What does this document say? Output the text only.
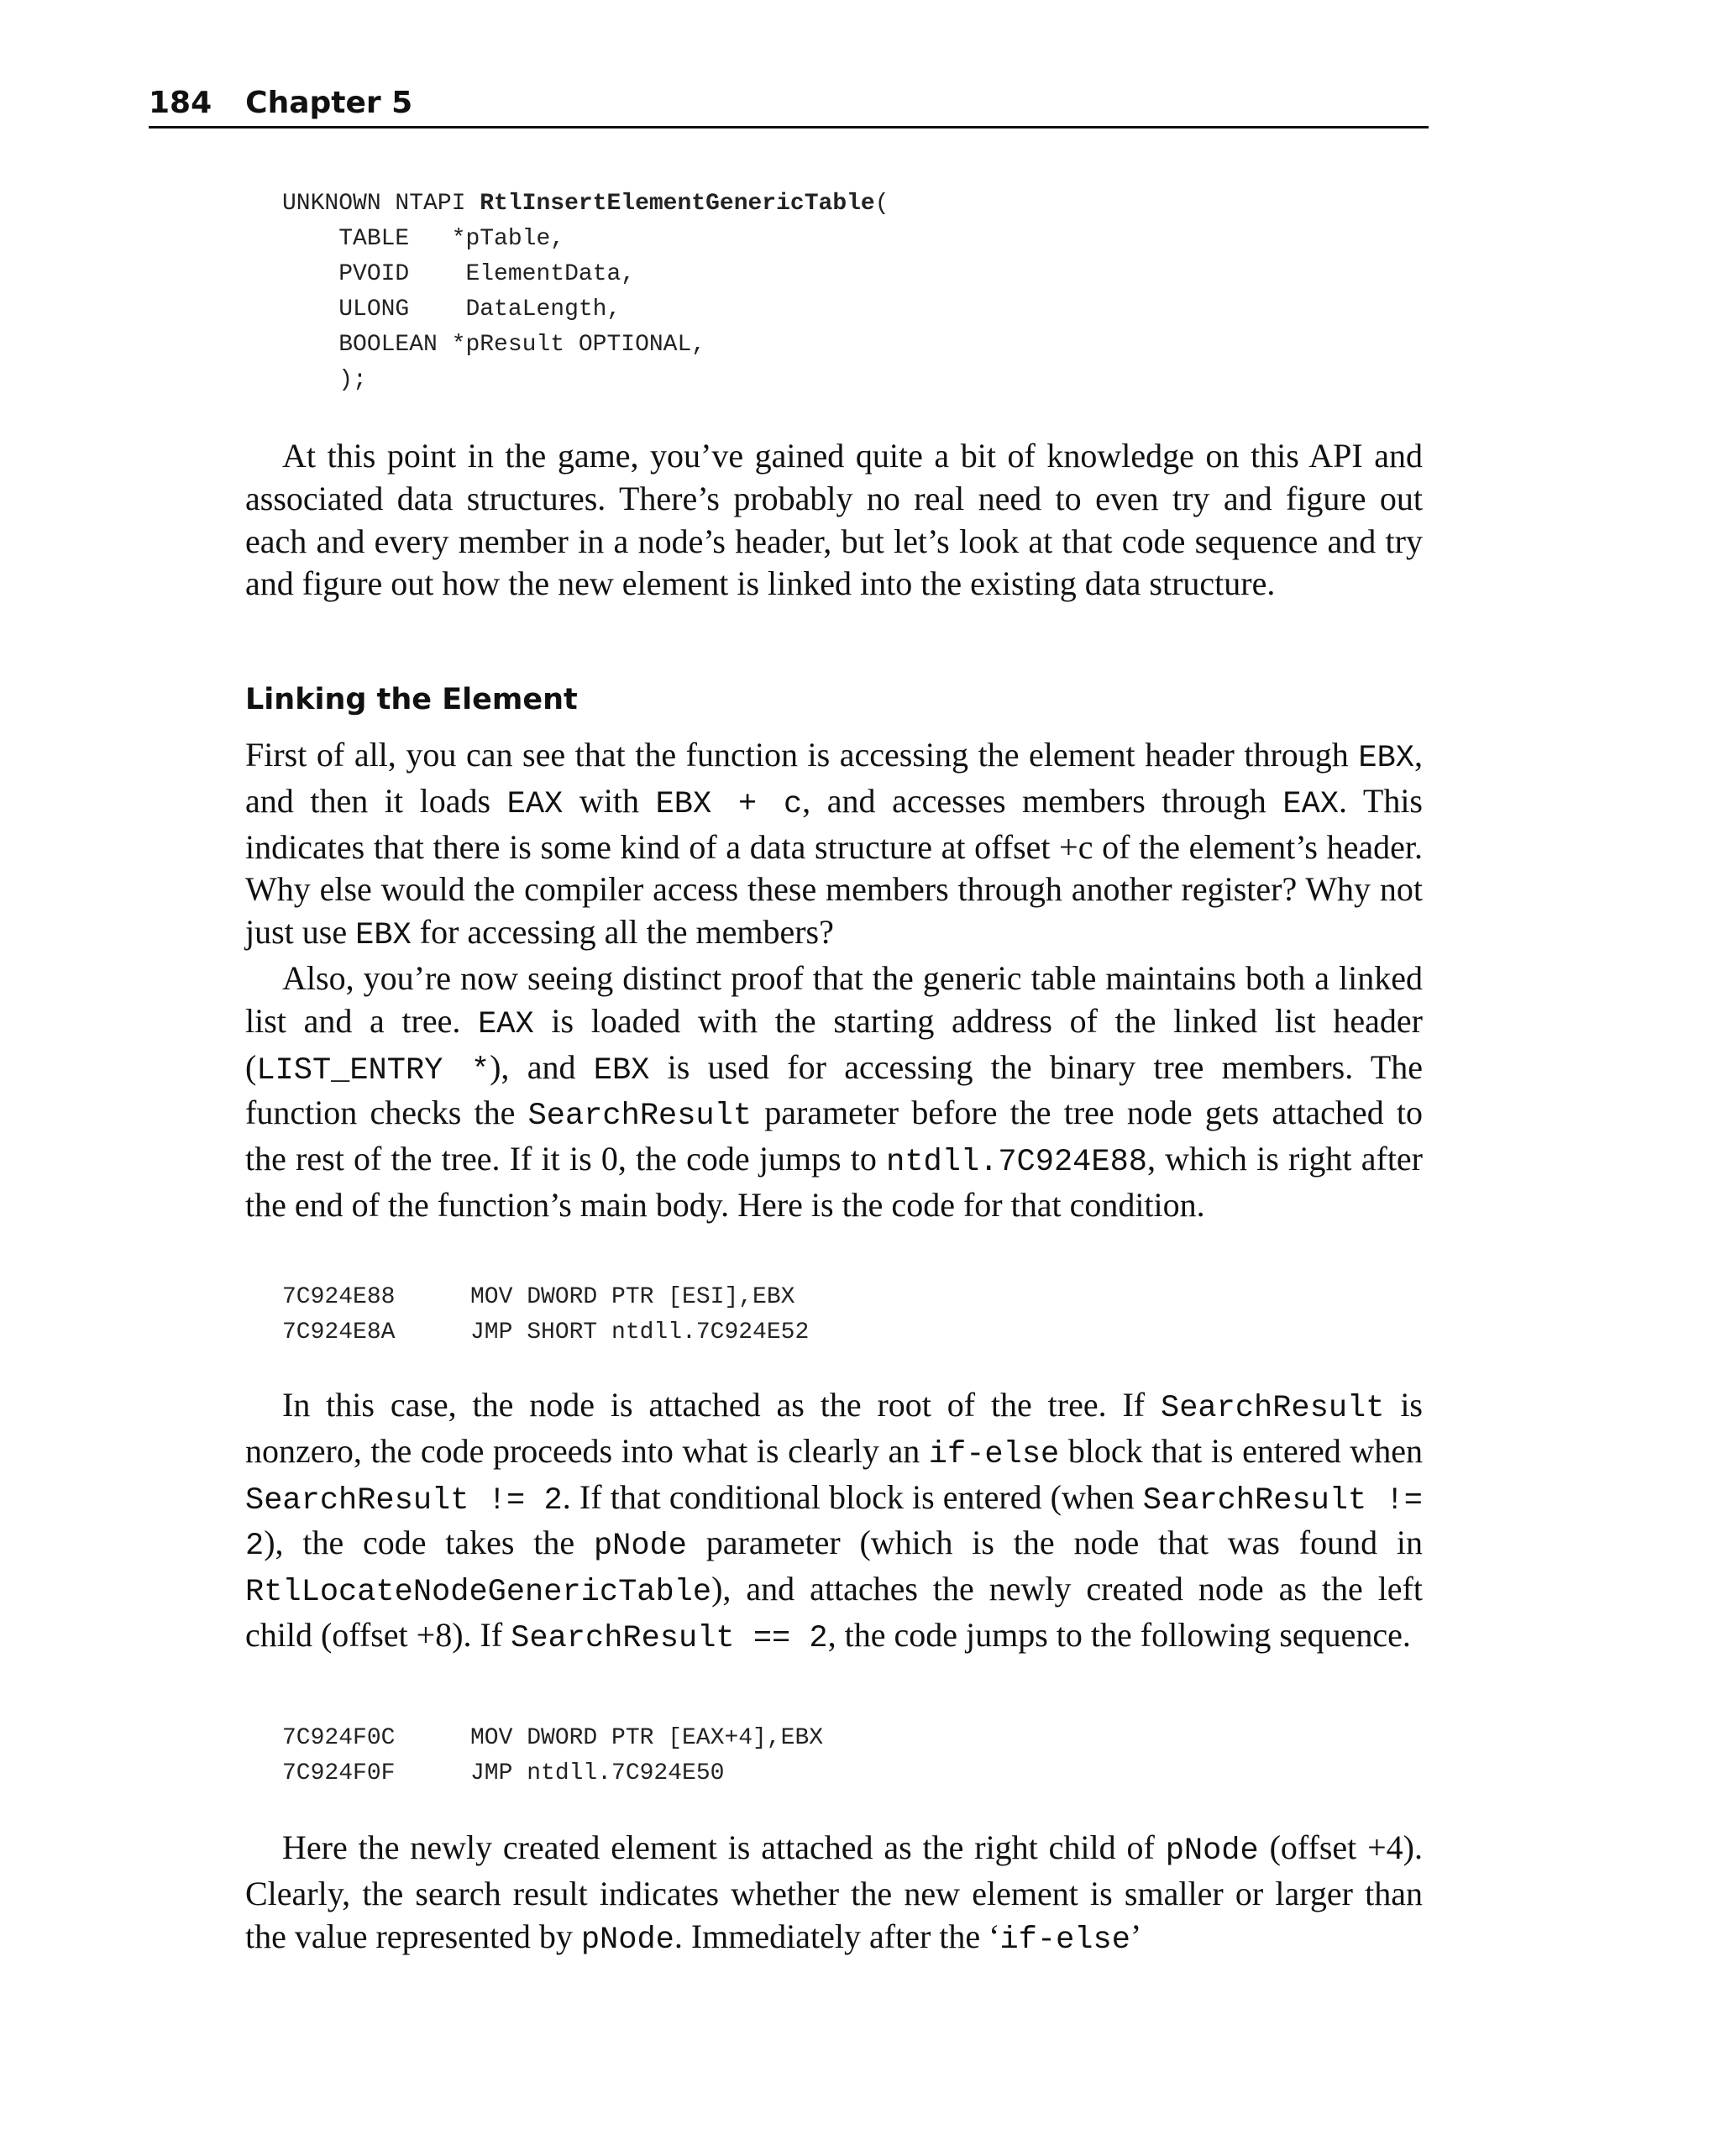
184 Chapter 5
UNKNOWN NTAPI RtlInsertElementGenericTable(
TABLE   *pTable,
PVOID    ElementData,
ULONG    DataLength,
BOOLEAN *pResult OPTIONAL,
);

At this point in the game, you’ve gained quite a bit of knowledge on this API and associated data structures. There’s probably no real need to even try and figure out each and every member in a node’s header, but let’s look at that code sequence and try and figure out how the new element is linked into the existing data structure.

Linking the Element

First of all, you can see that the function is accessing the element header through EBX, and then it loads EAX with EBX + c, and accesses members through EAX. This indicates that there is some kind of a data structure at offset +c of the element’s header. Why else would the compiler access these members through another register? Why not just use EBX for accessing all the members?

Also, you’re now seeing distinct proof that the generic table maintains both a linked list and a tree. EAX is loaded with the starting address of the linked list header (LIST_ENTRY *), and EBX is used for accessing the binary tree members. The function checks the SearchResult parameter before the tree node gets attached to the rest of the tree. If it is 0, the code jumps to ntdll.7C924E88, which is right after the end of the function’s main body. Here is the code for that condition.

7C924E88	MOV DWORD PTR [ESI],EBX
7C924E8A	JMP SHORT ntdll.7C924E52

In this case, the node is attached as the root of the tree. If SearchResult is nonzero, the code proceeds into what is clearly an if-else block that is entered when SearchResult != 2. If that conditional block is entered (when SearchResult != 2), the code takes the pNode parameter (which is the node that was found in RtlLocateNodeGenericTable), and attaches the newly created node as the left child (offset +8). If SearchResult == 2, the code jumps to the following sequence.

7C924F0C	MOV DWORD PTR [EAX+4],EBX
7C924F0F	JMP ntdll.7C924E50

Here the newly created element is attached as the right child of pNode (offset +4). Clearly, the search result indicates whether the new element is smaller or larger than the value represented by pNode. Immediately after the ‘if-else’
